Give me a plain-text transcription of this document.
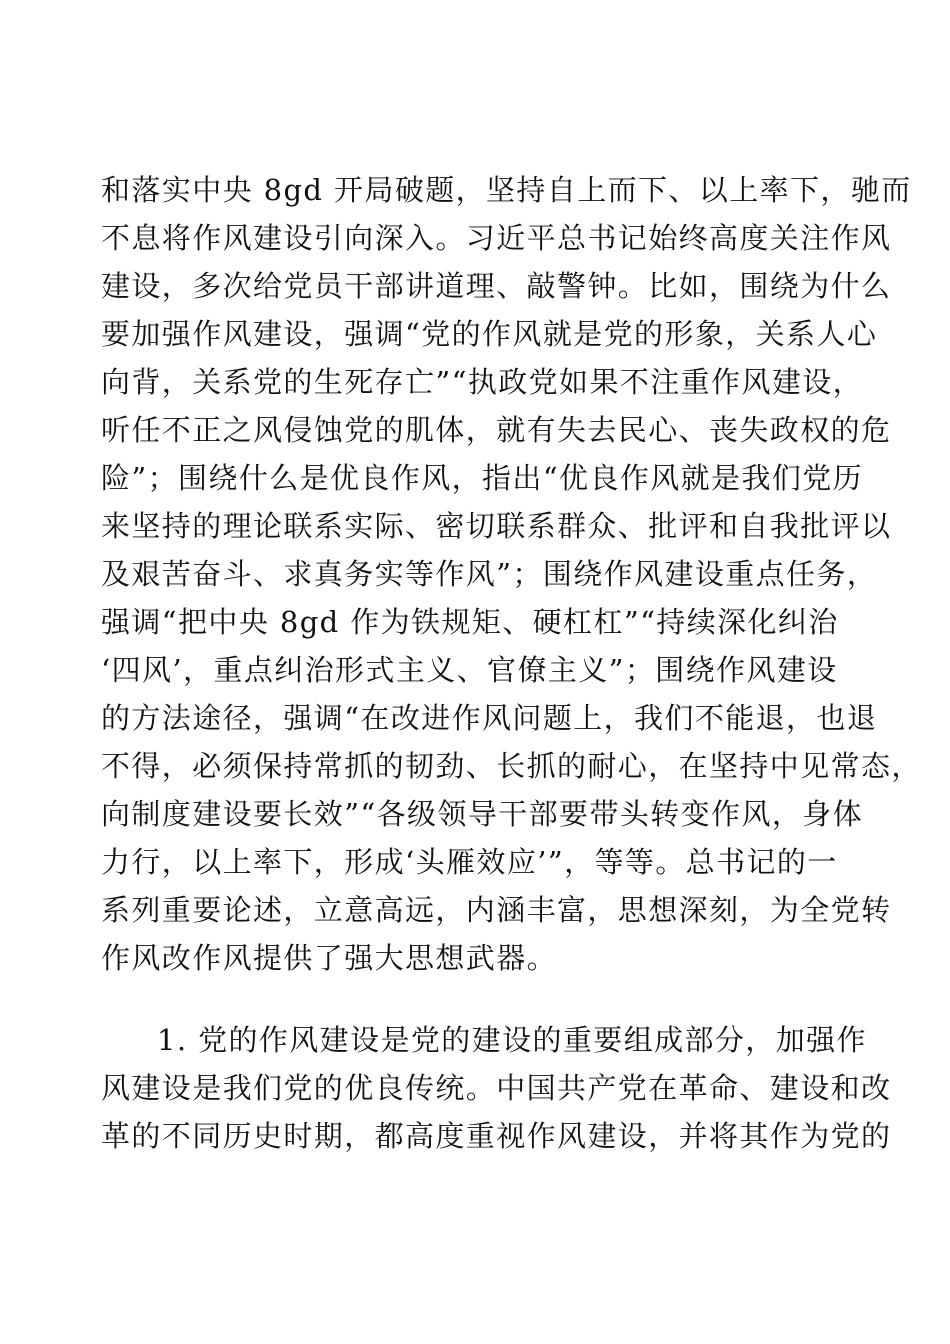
和落实中央 8gd 开局破题，坚持自上而下、以上率下，驰而
不息将作风建设引向深入。习近平总书记始终高度关注作风
建设，多次给党员干部讲道理、敲警钟。比如，围绕为什么
要加强作风建设，强调“党的作风就是党的形象，关系人心
向背，关系党的生死存亡”“执政党如果不注重作风建设，
听任不正之风侵蚀党的肌体，就有失去民心、丧失政权的危
险”；围绕什么是优良作风，指出“优良作风就是我们党历
来坚持的理论联系实际、密切联系群众、批评和自我批评以
及艰苦奋斗、求真务实等作风”；围绕作风建设重点任务，
强调“把中央 8gd 作为铁规矩、硬杠杠”“持续深化纠治
‘四风’，重点纠治形式主义、官僚主义”；围绕作风建设
的方法途径，强调“在改进作风问题上，我们不能退，也退
不得，必须保持常抓的韧劲、长抓的耐心，在坚持中见常态，
向制度建设要长效”“各级领导干部要带头转变作风，身体
力行，以上率下，形成‘头雁效应’”，等等。总书记的一
系列重要论述，立意高远，内涵丰富，思想深刻，为全党转
作风改作风提供了强大思想武器。
1. 党的作风建设是党的建设的重要组成部分，加强作
风建设是我们党的优良传统。中国共产党在革命、建设和改
革的不同历史时期，都高度重视作风建设，并将其作为党的
